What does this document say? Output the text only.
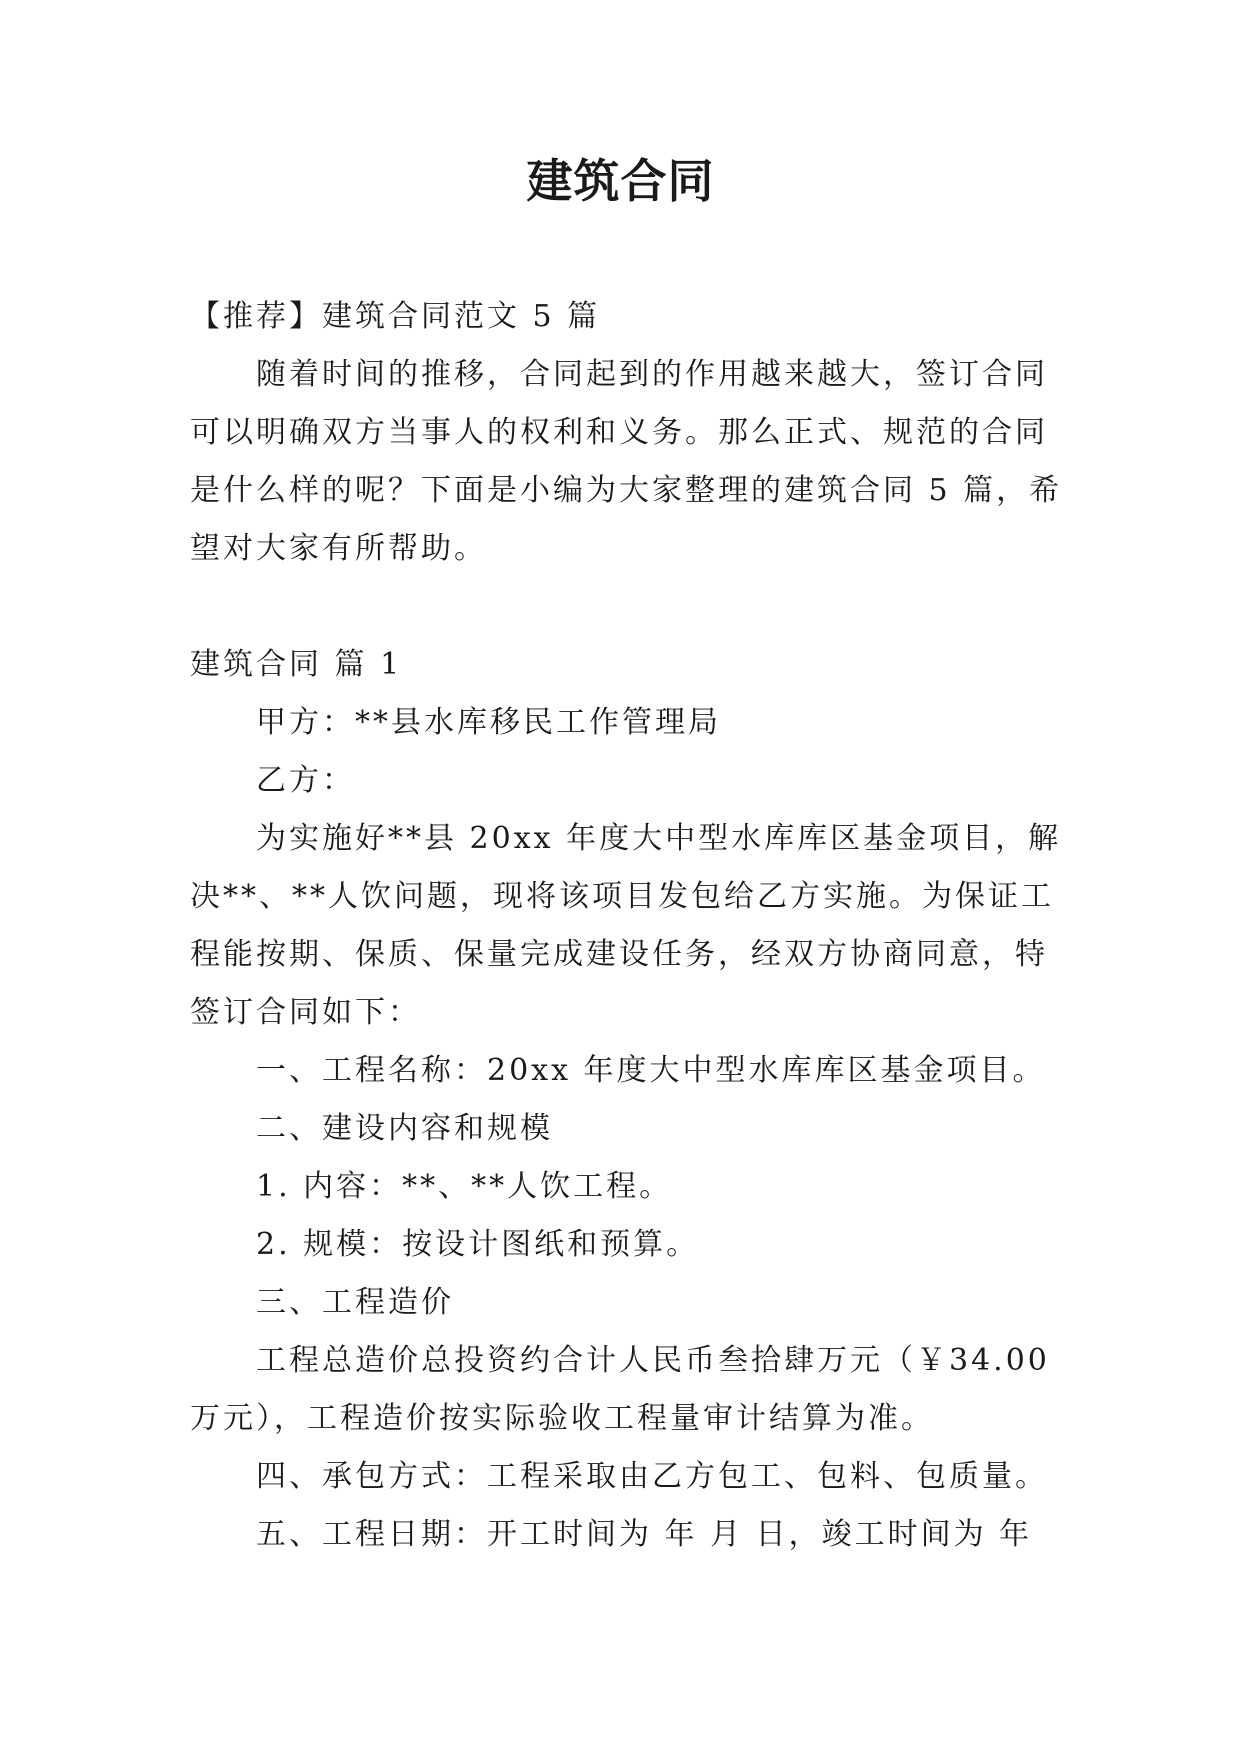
建筑合同

【推荐】建筑合同范文 5 篇

随着时间的推移，合同起到的作用越来越大，签订合同

可以明确双方当事人的权利和义务。那么正式、规范的合同

是什么样的呢？下面是小编为大家整理的建筑合同 5 篇，希

望对大家有所帮助。

建筑合同 篇 1

甲方：**县水库移民工作管理局

乙方：

为实施好**县 20xx 年度大中型水库库区基金项目，解

决**、**人饮问题，现将该项目发包给乙方实施。为保证工

程能按期、保质、保量完成建设任务，经双方协商同意，特

签订合同如下：

一、工程名称：20xx 年度大中型水库库区基金项目。

二、建设内容和规模

1. 内容：**、**人饮工程。

2. 规模：按设计图纸和预算。

三、工程造价

工程总造价总投资约合计人民币叁拾肆万元（￥34.00

万元），工程造价按实际验收工程量审计结算为准。

四、承包方式：工程采取由乙方包工、包料、包质量。

五、工程日期：开工时间为 年 月 日，竣工时间为 年
